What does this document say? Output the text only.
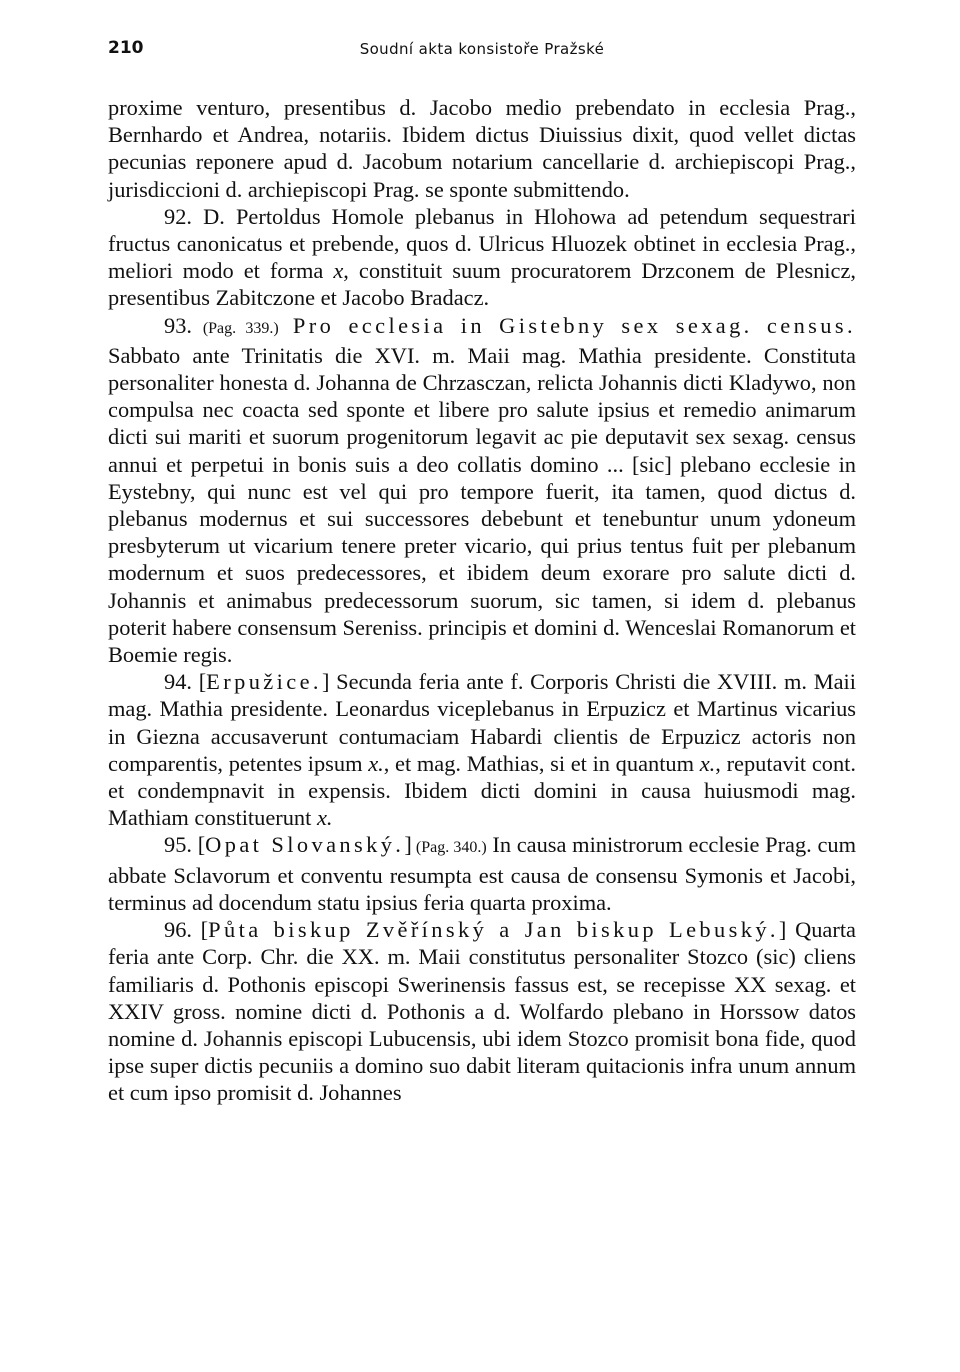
210	Soudní akta konsistoře Pražské

proxime venturo, presentibus d. Jacobo medio prebendato in ecclesia Prag., Bernhardo et Andrea, notariis. Ibidem dictus Diuissius dixit, quod vellet dictas pecunias reponere apud d. Jacobum notarium cancellarie d. archiepiscopi Prag., jurisdiccioni d. archiepiscopi Prag. se sponte submittendo.

92. D. Pertoldus Homole plebanus in Hlohowa ad petendum sequestrari fructus canonicatus et prebende, quos d. Ulricus Hluozek obtinet in ecclesia Prag., meliori modo et forma x, constituit suum procuratorem Drzconem de Plesnicz, presentibus Zabitczone et Jacobo Bradacz.

93. (Pag. 339.) Pro ecclesia in Gistebny sex sexag. census. Sabbato ante Trinitatis die XVI. m. Maii mag. Mathia presidente. Constituta personaliter honesta d. Johanna de Chrzasczan, relicta Johannis dicti Kladywo, non compulsa nec coacta sed sponte et libere pro salute ipsius et remedio animarum dicti sui mariti et suorum progenitorum legavit ac pie deputavit sex sexag. census annui et perpetui in bonis suis a deo collatis domino ... [sic] plebano ecclesie in Eystebny, qui nunc est vel qui pro tempore fuerit, ita tamen, quod dictus d. plebanus modernus et sui successores debebunt et tenebuntur unum ydoneum presbyterum ut vicarium tenere preter vicario, qui prius tentus fuit per plebanum modernum et suos predecessores, et ibidem deum exorare pro salute dicti d. Johannis et animabus predecessorum suorum, sic tamen, si idem d. plebanus poterit habere consensum Sereniss. principis et domini d. Wenceslai Romanorum et Boemie regis.

94. [Erpužice.] Secunda feria ante f. Corporis Christi die XVIII. m. Maii mag. Mathia presidente. Leonardus viceplebanus in Erpuzicz et Martinus vicarius in Giezna accusaverunt contumaciam Habardi clientis de Erpuzicz actoris non comparentis, petentes ipsum x., et mag. Mathias, si et in quantum x., reputavit cont. et condempnavit in expensis. Ibidem dicti domini in causa huiusmodi mag. Mathiam constituerunt x.

95. [Opat Slovanský.] (Pag. 340.) In causa ministrorum ecclesie Prag. cum abbate Sclavorum et conventu resumpta est causa de consensu Symonis et Jacobi, terminus ad docendum statu ipsius feria quarta proxima.

96. [Půta biskup Zvěřínský a Jan biskup Lebuský.] Quarta feria ante Corp. Chr. die XX. m. Maii constitutus personaliter Stozco (sic) cliens familiaris d. Pothonis episcopi Swerinensis fassus est, se recepisse XX sexag. et XXIV gross. nomine dicti d. Pothonis a d. Wolfardo plebano in Horssow datos nomine d. Johannis episcopi Lubucensis, ubi idem Stozco promisit bona fide, quod ipse super dictis pecuniis a domino suo dabit literam quitacionis infra unum annum et cum ipso promisit d. Johannes
